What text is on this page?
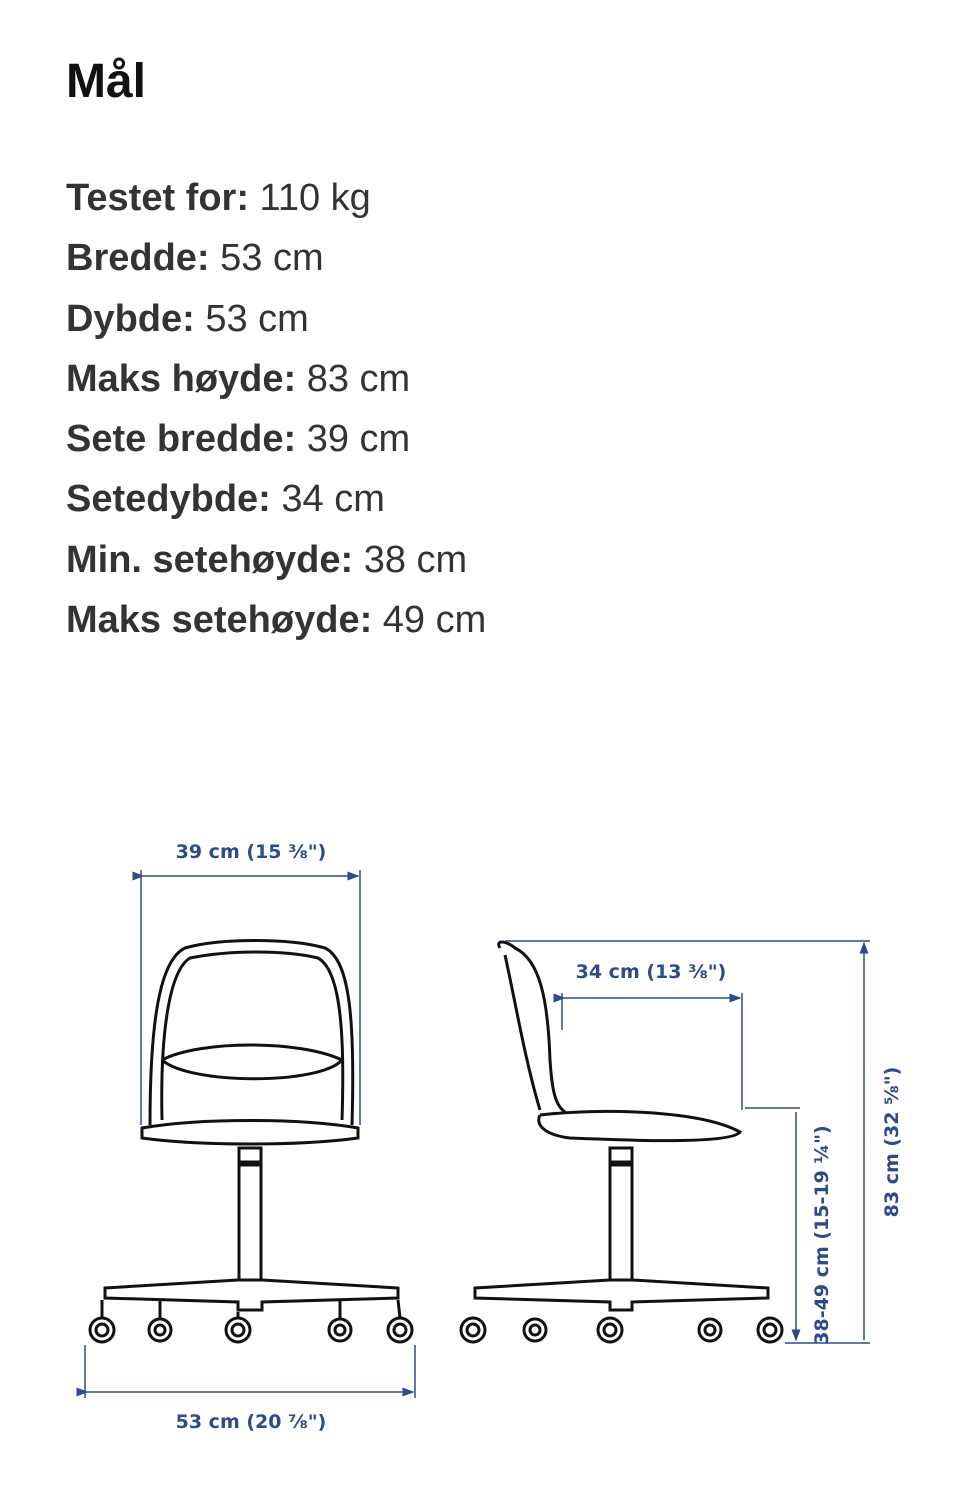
Mål
Testet for: 110 kg
Bredde: 53 cm
Dybde: 53 cm
Maks høyde: 83 cm
Sete bredde: 39 cm
Setedybde: 34 cm
Min. setehøyde: 38 cm
Maks setehøyde: 49 cm
39 cm (15 ⅜")
53 cm (20 ⅞")
34 cm (13 ⅜")
38-49 cm (15-19 ¼")	83 cm (32 ⅝")
